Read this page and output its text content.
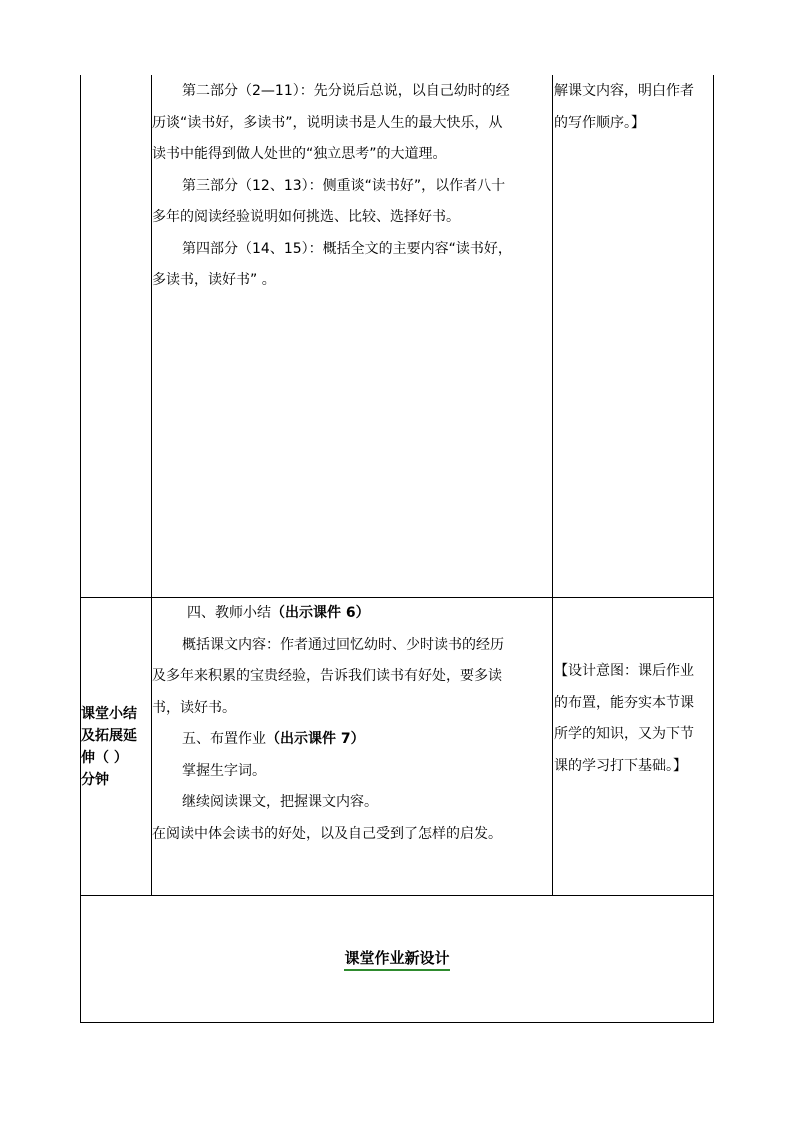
第二部分（2—11）：先分说后总说，以自己幼时的经
历谈“读书好，多读书”，说明读书是人生的最大快乐，从
读书中能得到做人处世的“独立思考”的大道理。
第三部分（12、13）：侧重谈“读书好”，以作者八十
多年的阅读经验说明如何挑选、比较、选择好书。
第四部分（14、15）：概括全文的主要内容“读书好，
多读书，读好书” 。
解课文内容，明白作者
的写作顺序。】
课堂小结
及拓展延
伸（ ）
分钟
四、教师小结（出示课件 6）
概括课文内容：作者通过回忆幼时、少时读书的经历
及多年来积累的宝贵经验，告诉我们读书有好处，要多读
书，读好书。
五、布置作业（出示课件 7）
掌握生字词。
继续阅读课文，把握课文内容。
在阅读中体会读书的好处，以及自己受到了怎样的启发。
【设计意图：课后作业
的布置，能夯实本节课
所学的知识，又为下节
课的学习打下基础。】
课堂作业新设计
